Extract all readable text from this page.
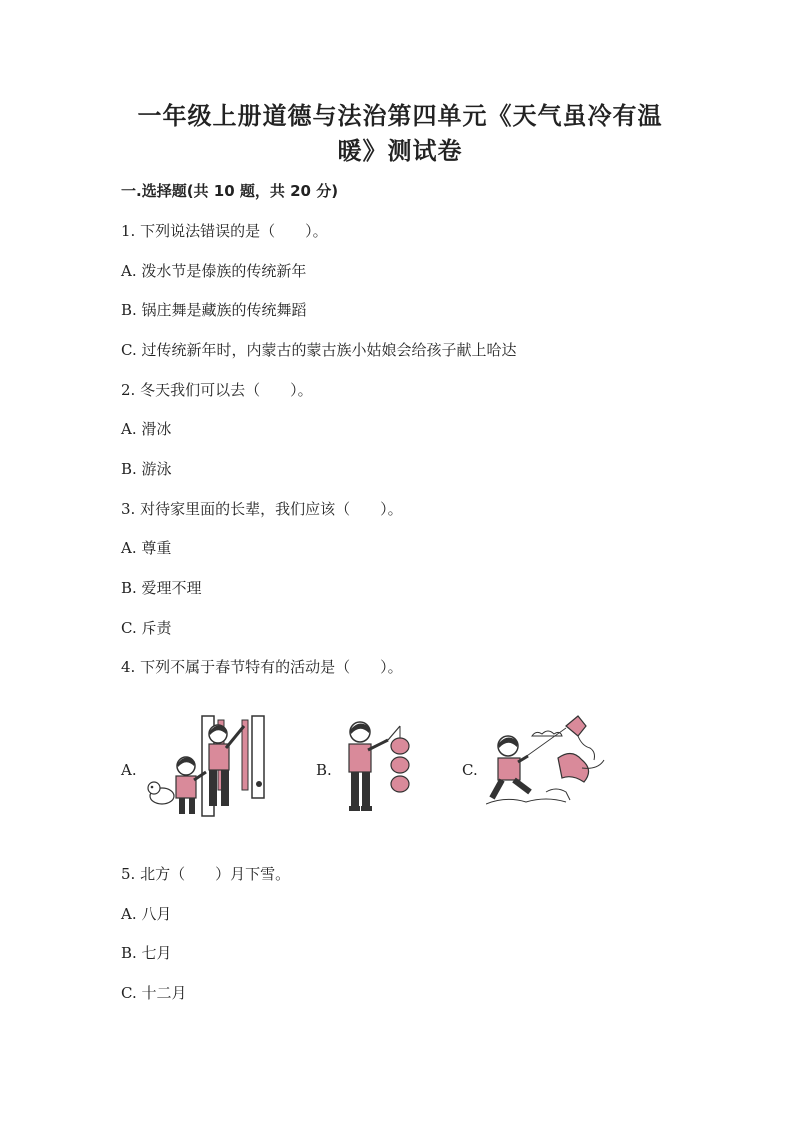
一年级上册道德与法治第四单元《天气虽冷有温
暖》测试卷
一.选择题(共 10 题，共 20 分)
1. 下列说法错误的是（　　）。
A. 泼水节是傣族的传统新年
B. 锅庄舞是藏族的传统舞蹈
C. 过传统新年时，内蒙古的蒙古族小姑娘会给孩子献上哈达
2. 冬天我们可以去（　　）。
A. 滑冰
B. 游泳
3. 对待家里面的长辈，我们应该（　　）。
A. 尊重
B. 爱理不理
C. 斥责
4. 下列不属于春节特有的活动是（　　）。
A.	B.	C.
5. 北方（　　）月下雪。
A. 八月
B. 七月
C. 十二月
